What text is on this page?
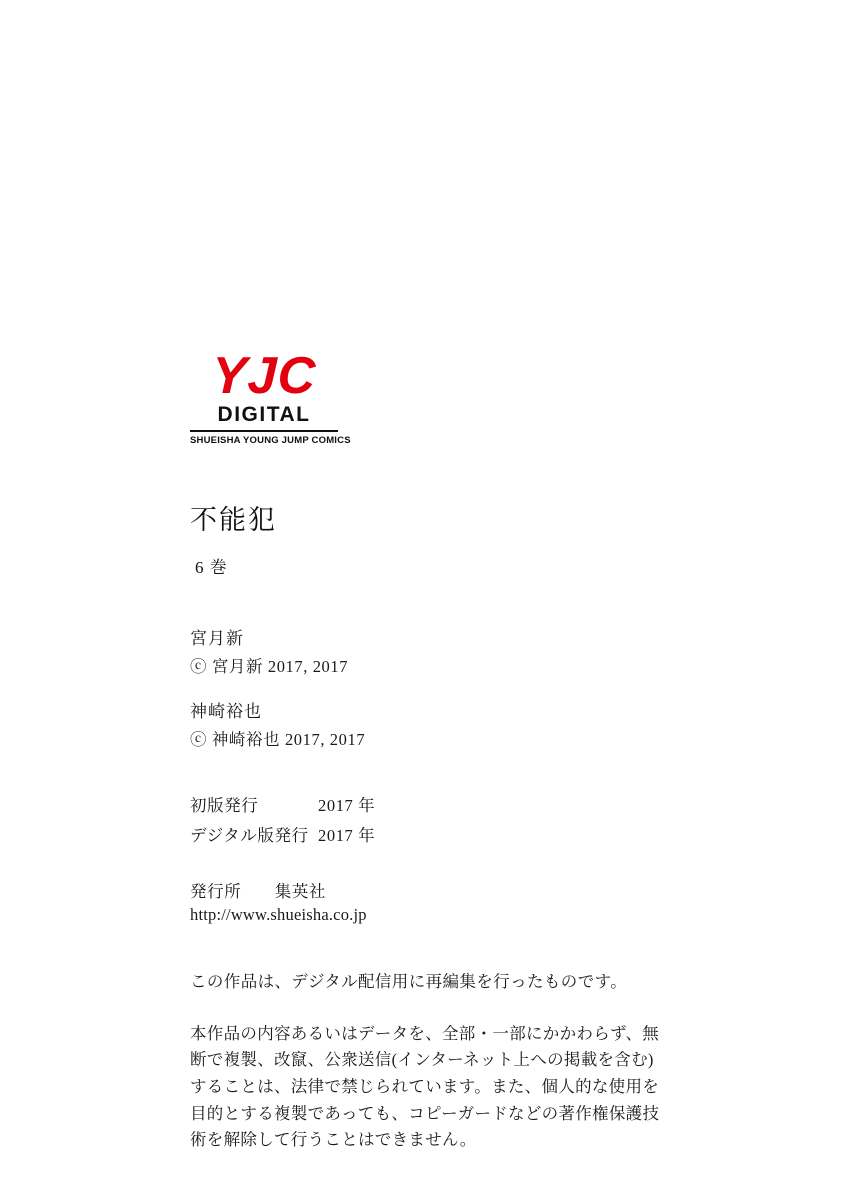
YJC
DIGITAL
SHUEISHA YOUNG JUMP COMICS
不能犯
6 巻
宮月新
ⓒ 宮月新 2017, 2017
神崎裕也
ⓒ 神崎裕也 2017, 2017
初版発行	2017 年
デジタル版発行 2017 年
発行所 集英社
http://www.shueisha.co.jp
この作品は、デジタル配信用に再編集を行ったものです。
本作品の内容あるいはデータを、全部・一部にかかわらず、無断で複製、改竄、公衆送信(インターネット上への掲載を含む)することは、法律で禁じられています。また、個人的な使用を目的とする複製であっても、コピーガードなどの著作権保護技術を解除して行うことはできません。
